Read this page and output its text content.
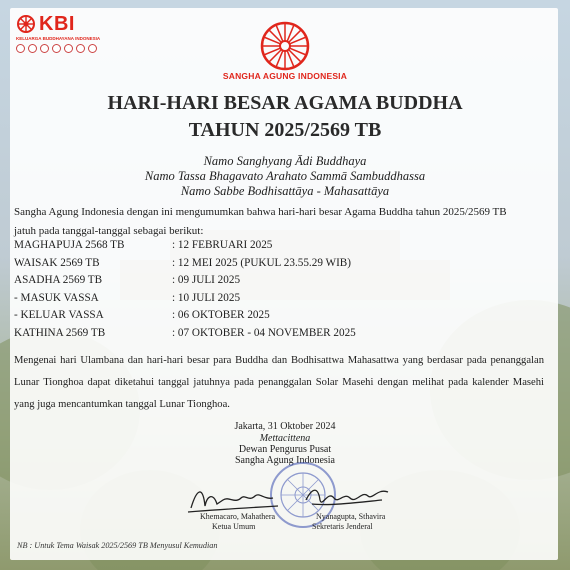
KBI
KELUARGA BUDDHAYANA INDONESIA
SANGHA AGUNG INDONESIA
HARI-HARI BESAR AGAMA BUDDHA
TAHUN 2025/2569 TB
Namo Sanghyang Ādi Buddhaya
Namo Tassa Bhagavato Arahato Sammā Sambuddhassa
Namo Sabbe Bodhisattāya - Mahasattāya
Sangha Agung Indonesia dengan ini mengumumkan bahwa hari-hari besar Agama Buddha tahun 2025/2569 TB
jatuh pada tanggal-tanggal sebagai berikut:
MAGHAPUJA 2568 TB	: 12 FEBRUARI 2025
WAISAK 2569 TB	: 12 MEI 2025 (PUKUL 23.55.29 WIB)
ASADHA 2569 TB	: 09 JULI 2025
- MASUK VASSA	: 10 JULI 2025
- KELUAR VASSA	: 06 OKTOBER 2025
KATHINA 2569 TB	: 07 OKTOBER - 04 NOVEMBER 2025
Mengenai hari Ulambana dan hari-hari besar para Buddha dan Bodhisattwa Mahasattwa yang berdasar pada penanggalan Lunar Tionghoa dapat diketahui tanggal jatuhnya pada penanggalan Solar Masehi dengan melihat pada kalender Masehi yang juga mencantumkan tanggal Lunar Tionghoa.
Jakarta, 31 Oktober 2024
Mettacittena
Dewan Pengurus Pusat
Sangha Agung Indonesia
Khemacaro, Mahathera
Ketua Umum
Nyanagupta, Sthavira
Sekretaris Jenderal
NB : Untuk Tema Waisak 2025/2569 TB Menyusul Kemudian
